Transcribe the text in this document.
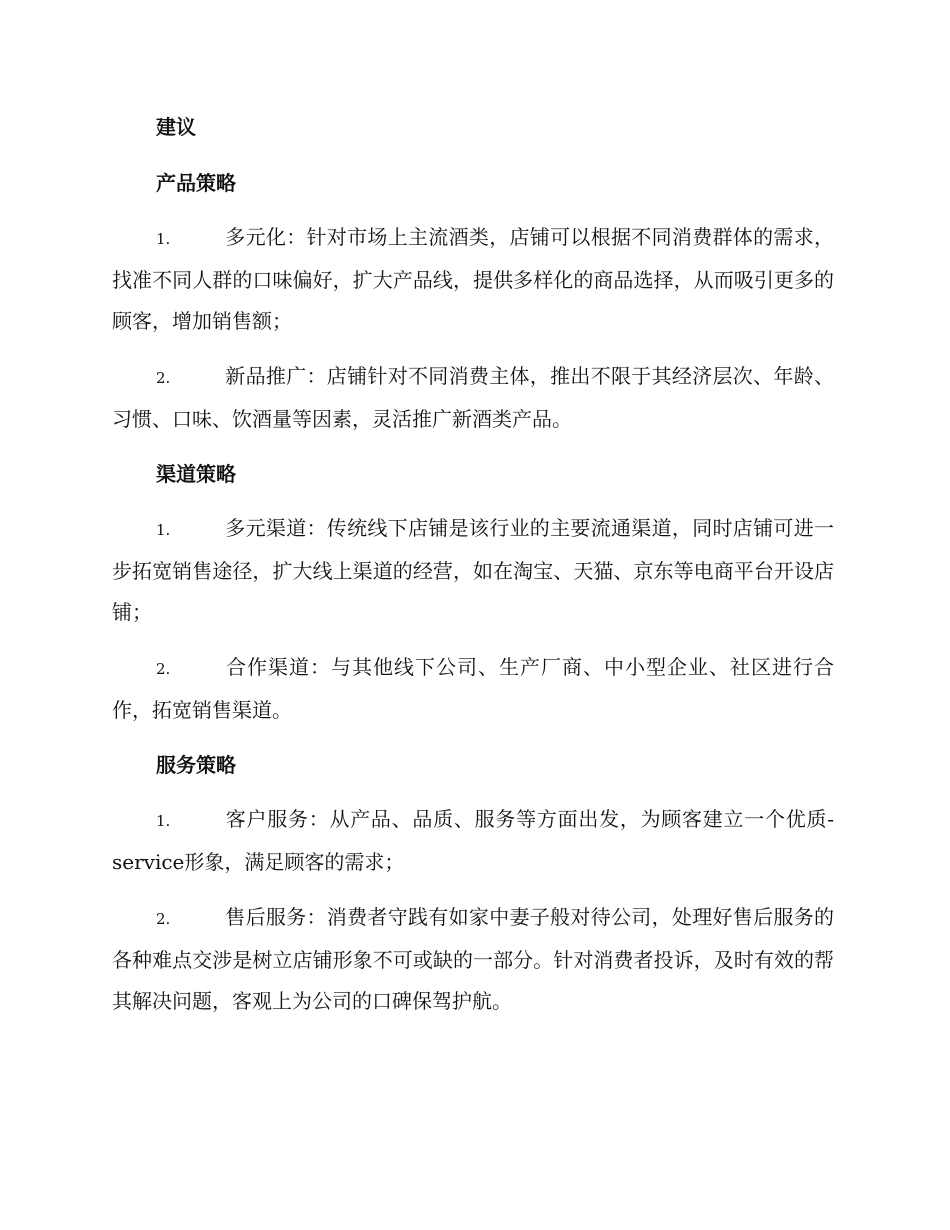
建议
产品策略

1.	多元化：针对市场上主流酒类，店铺可以根据不同消费群体的需求，找准不同人群的口味偏好，扩大产品线，提供多样化的商品选择，从而吸引更多的顾客，增加销售额；

2.	新品推广：店铺针对不同消费主体，推出不限于其经济层次、年龄、习惯、口味、饮酒量等因素，灵活推广新酒类产品。

渠道策略

1.	多元渠道：传统线下店铺是该行业的主要流通渠道，同时店铺可进一步拓宽销售途径，扩大线上渠道的经营，如在淘宝、天猫、京东等电商平台开设店铺；

2.	合作渠道：与其他线下公司、生产厂商、中小型企业、社区进行合作，拓宽销售渠道。

服务策略

1.	客户服务：从产品、品质、服务等方面出发，为顾客建立一个优质-service形象，满足顾客的需求；

2.	售后服务：消费者守践有如家中妻子般对待公司，处理好售后服务的各种难点交涉是树立店铺形象不可或缺的一部分。针对消费者投诉，及时有效的帮其解决问题，客观上为公司的口碑保驾护航。
